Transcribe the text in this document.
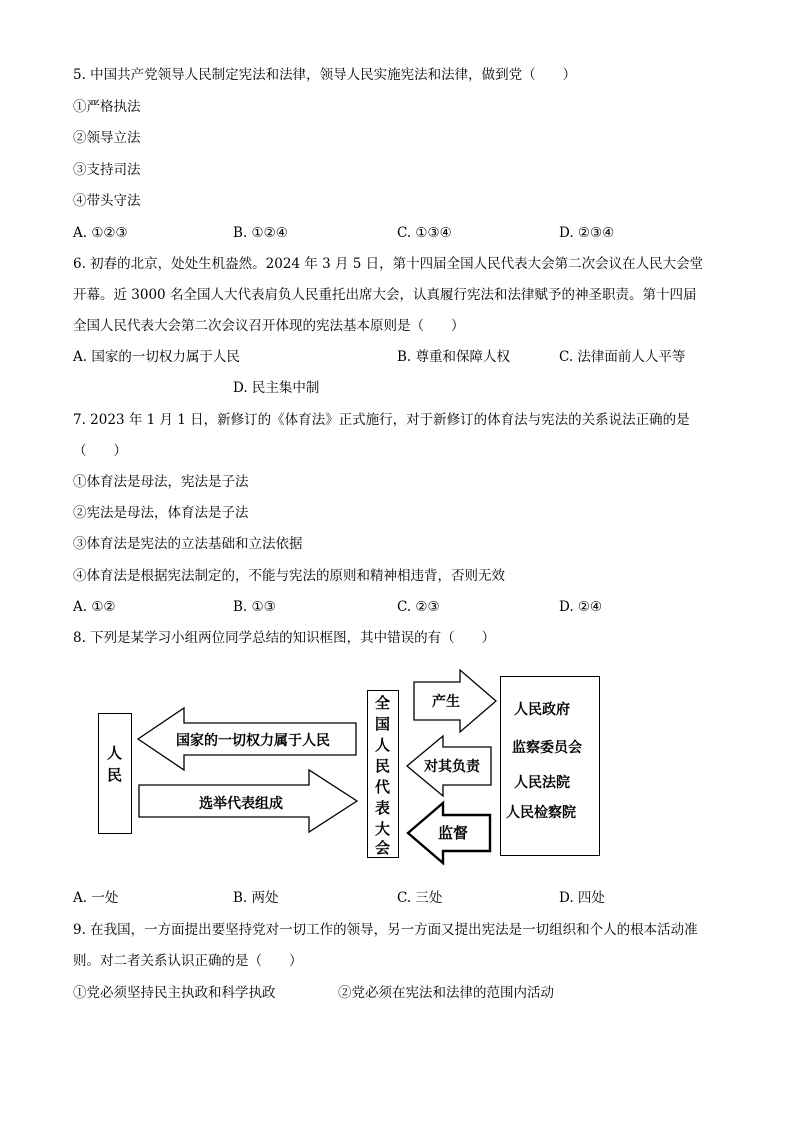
5. 中国共产党领导人民制定宪法和法律，领导人民实施宪法和法律，做到党（　　）
①严格执法
②领导立法
③支持司法
④带头守法
A. ①②③	B. ①②④	C. ①③④	D. ②③④
6. 初春的北京，处处生机盎然。2024 年 3 月 5 日，第十四届全国人民代表大会第二次会议在人民大会堂
开幕。近 3000 名全国人大代表肩负人民重托出席大会，认真履行宪法和法律赋予的神圣职责。第十四届
全国人民代表大会第二次会议召开体现的宪法基本原则是（　　）
A. 国家的一切权力属于人民	B. 尊重和保障人权	C. 法律面前人人平等
D. 民主集中制
7. 2023 年 1 月 1 日，新修订的《体育法》正式施行，对于新修订的体育法与宪法的关系说法正确的是
（　　）
①体育法是母法，宪法是子法
②宪法是母法，体育法是子法
③体育法是宪法的立法基础和立法依据
④体育法是根据宪法制定的，不能与宪法的原则和精神相违背，否则无效
A. ①②	B. ①③	C. ②③	D. ②④
8. 下列是某学习小组两位同学总结的知识框图，其中错误的有（　　）
人
民
全
国
人
民
代
表
大
会
人民政府
监察委员会
人民法院
人民检察院
国家的一切权力属于人民
选举代表组成
产生
对其负责
监督
A. 一处	B. 两处	C. 三处	D. 四处
9. 在我国，一方面提出要坚持党对一切工作的领导，另一方面又提出宪法是一切组织和个人的根本活动准
则。对二者关系认识正确的是（　　）
①党必须坚持民主执政和科学执政	②党必须在宪法和法律的范围内活动
